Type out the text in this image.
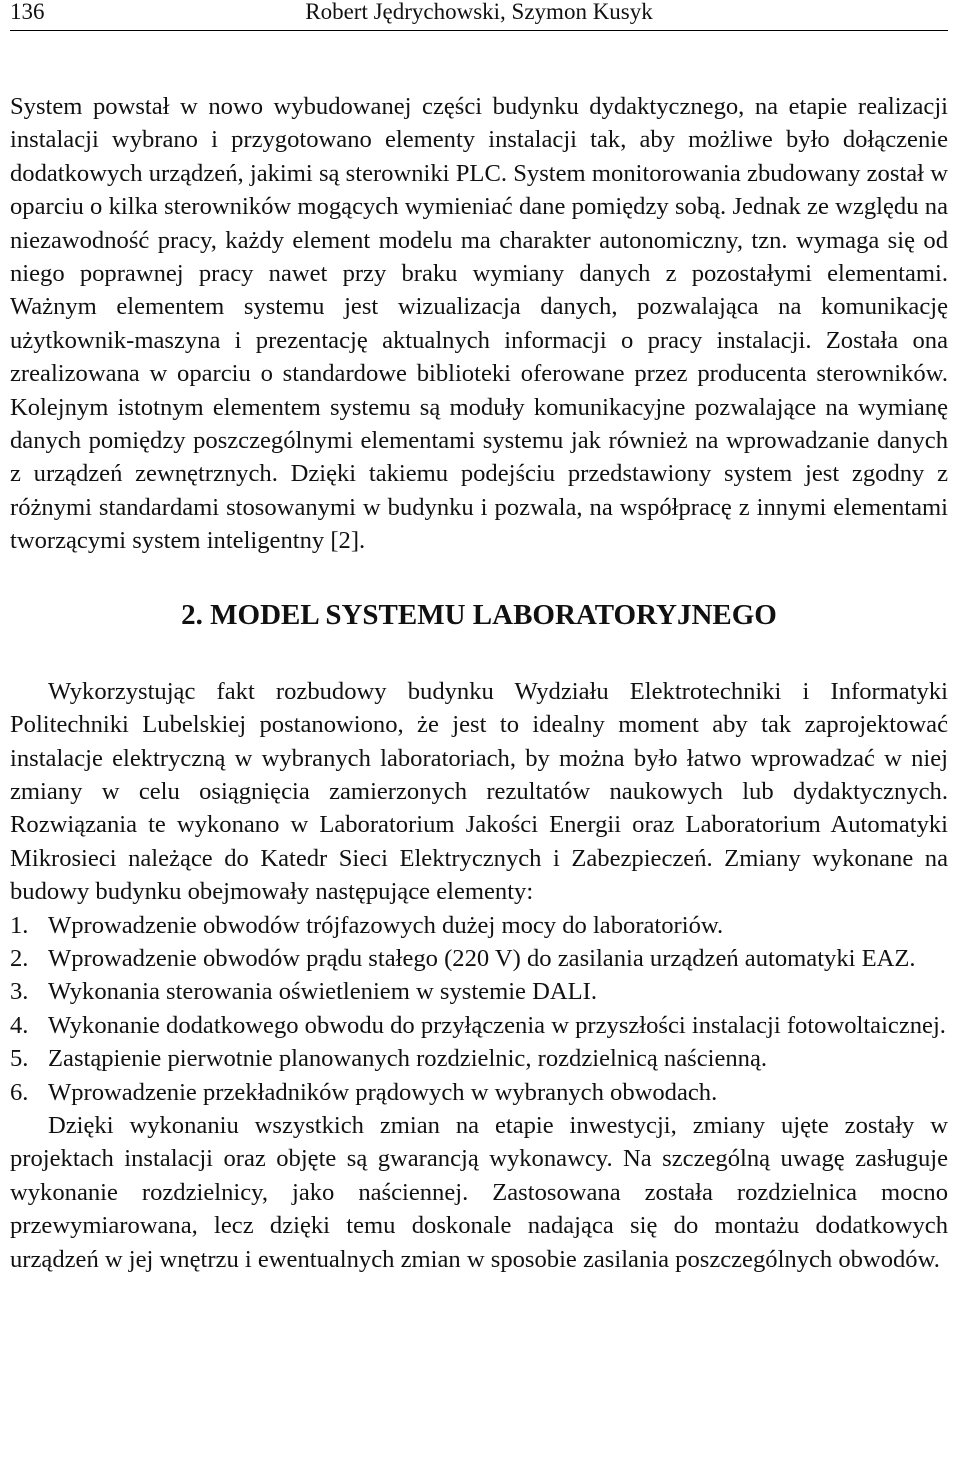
136	Robert Jędrychowski, Szymon Kusyk

System powstał w nowo wybudowanej części budynku dydaktycznego, na etapie realizacji instalacji wybrano i przygotowano elementy instalacji tak, aby możliwe było dołączenie dodatkowych urządzeń, jakimi są sterowniki PLC. System monitorowania zbudowany został w oparciu o kilka sterowników mogących wymieniać dane pomiędzy sobą. Jednak ze względu na niezawodność pracy, każdy element modelu ma charakter autonomiczny, tzn. wymaga się od niego poprawnej pracy nawet przy braku wymiany danych z pozostałymi elementami. Ważnym elementem systemu jest wizualizacja danych, pozwalająca na komunikację użytkownik-maszyna i prezentację aktualnych informacji o pracy instalacji. Została ona zrealizowana w oparciu o standardowe biblioteki oferowane przez producenta sterowników. Kolejnym istotnym elementem systemu są moduły komunikacyjne pozwalające na wymianę danych pomiędzy poszczególnymi elementami systemu jak również na wprowadzanie danych z urządzeń zewnętrznych. Dzięki takiemu podejściu przedstawiony system jest zgodny z różnymi standardami stosowanymi w budynku i pozwala, na współpracę z innymi elementami tworzącymi system inteligentny [2].

2. MODEL SYSTEMU LABORATORYJNEGO

Wykorzystując fakt rozbudowy budynku Wydziału Elektrotechniki i Informatyki Politechniki Lubelskiej postanowiono, że jest to idealny moment aby tak zaprojektować instalacje elektryczną w wybranych laboratoriach, by można było łatwo wprowadzać w niej zmiany w celu osiągnięcia zamierzonych rezultatów naukowych lub dydaktycznych. Rozwiązania te wykonano w Laboratorium Jakości Energii oraz Laboratorium Automatyki Mikrosieci należące do Katedr Sieci Elektrycznych i Zabezpieczeń. Zmiany wykonane na budowy budynku obejmowały następujące elementy:

1. Wprowadzenie obwodów trójfazowych dużej mocy do laboratoriów.
2. Wprowadzenie obwodów prądu stałego (220 V) do zasilania urządzeń automatyki EAZ.
3. Wykonania sterowania oświetleniem w systemie DALI.
4. Wykonanie dodatkowego obwodu do przyłączenia w przyszłości instalacji fotowoltaicznej.
5. Zastąpienie pierwotnie planowanych rozdzielnic, rozdzielnicą naścienną.
6. Wprowadzenie przekładników prądowych w wybranych obwodach.

Dzięki wykonaniu wszystkich zmian na etapie inwestycji, zmiany ujęte zostały w projektach instalacji oraz objęte są gwarancją wykonawcy. Na szczególną uwagę zasługuje wykonanie rozdzielnicy, jako naściennej. Zastosowana została rozdzielnica mocno przewymiarowana, lecz dzięki temu doskonale nadająca się do montażu dodatkowych urządzeń w jej wnętrzu i ewentualnych zmian w sposobie zasilania poszczególnych obwodów.
